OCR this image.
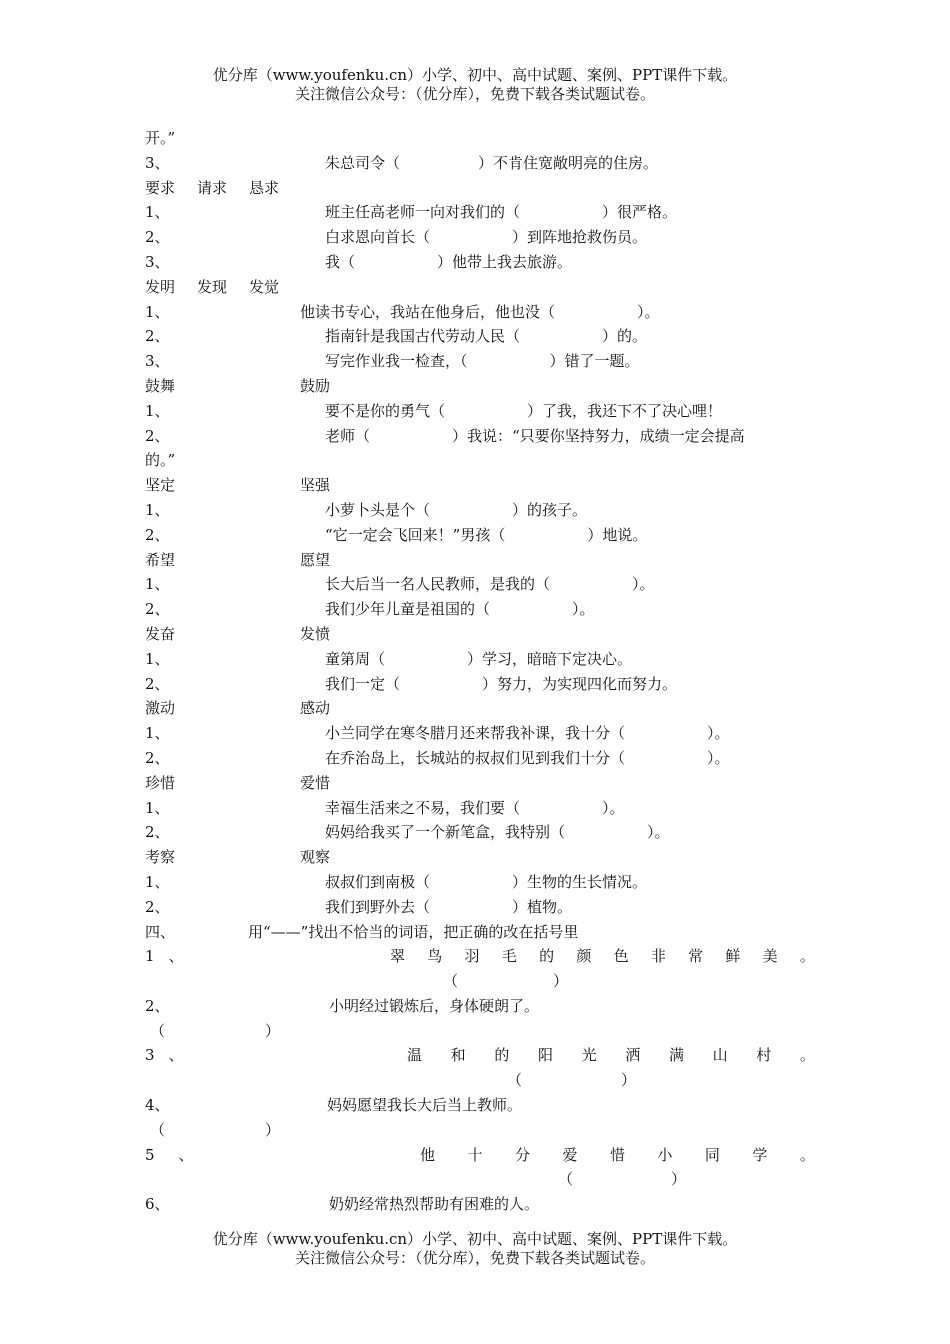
优分库（www.youfenku.cn）小学、初中、高中试题、案例、PPT课件下载。
关注微信公众号：（优分库），免费下载各类试题试卷。
开。”
3、	朱总司令（	）不肯住宽敞明亮的住房。
要求 请求 恳求
1、	班主任高老师一向对我们的（	）很严格。
2、	白求恩向首长（	）到阵地抢救伤员。
3、	我（	）他带上我去旅游。
发明 发现 发觉
1、	他读书专心，我站在他身后，他也没（	）。
2、	指南针是我国古代劳动人民（	）的。
3、	写完作业我一检查，（	）错了一题。
鼓舞	鼓励
1、	要不是你的勇气（	）了我，我还下不了决心哩！
2、	老师（	）我说：“只要你坚持努力，成绩一定会提高
的。”
坚定	坚强
1、	小萝卜头是个（	）的孩子。
2、	“它一定会飞回来！”男孩（	）地说。
希望	愿望
1、	长大后当一名人民教师，是我的（	）。
2、	我们少年儿童是祖国的（	）。
发奋	发愤
1、	童第周（	）学习，暗暗下定决心。
2、	我们一定（	）努力，为实现四化而努力。
激动	感动
1、	小兰同学在寒冬腊月还来帮我补课，我十分（	）。
2、	在乔治岛上，长城站的叔叔们见到我们十分（	）。
珍惜	爱惜
1、	幸福生活来之不易，我们要（	）。
2、	妈妈给我买了一个新笔盒，我特别（	）。
考察	观察
1、	叔叔们到南极（	）生物的生长情况。
2、	我们到野外去（	）植物。
四、	用“——”找出不恰当的词语，把正确的改在括号里
1、	翠 鸟 羽 毛 的 颜 色 非 常 鲜 美 。
（	）
2、	小明经过锻炼后，身体硬朗了。
（	）
3、	温 和 的 阳 光 洒 满 山 村 。
（	）
4、	妈妈愿望我长大后当上教师。
（	）
5、	他 十 分 爱 惜 小 同 学 。
（	）
6、	奶奶经常热烈帮助有困难的人。
优分库（www.youfenku.cn）小学、初中、高中试题、案例、PPT课件下载。
关注微信公众号：（优分库），免费下载各类试题试卷。
